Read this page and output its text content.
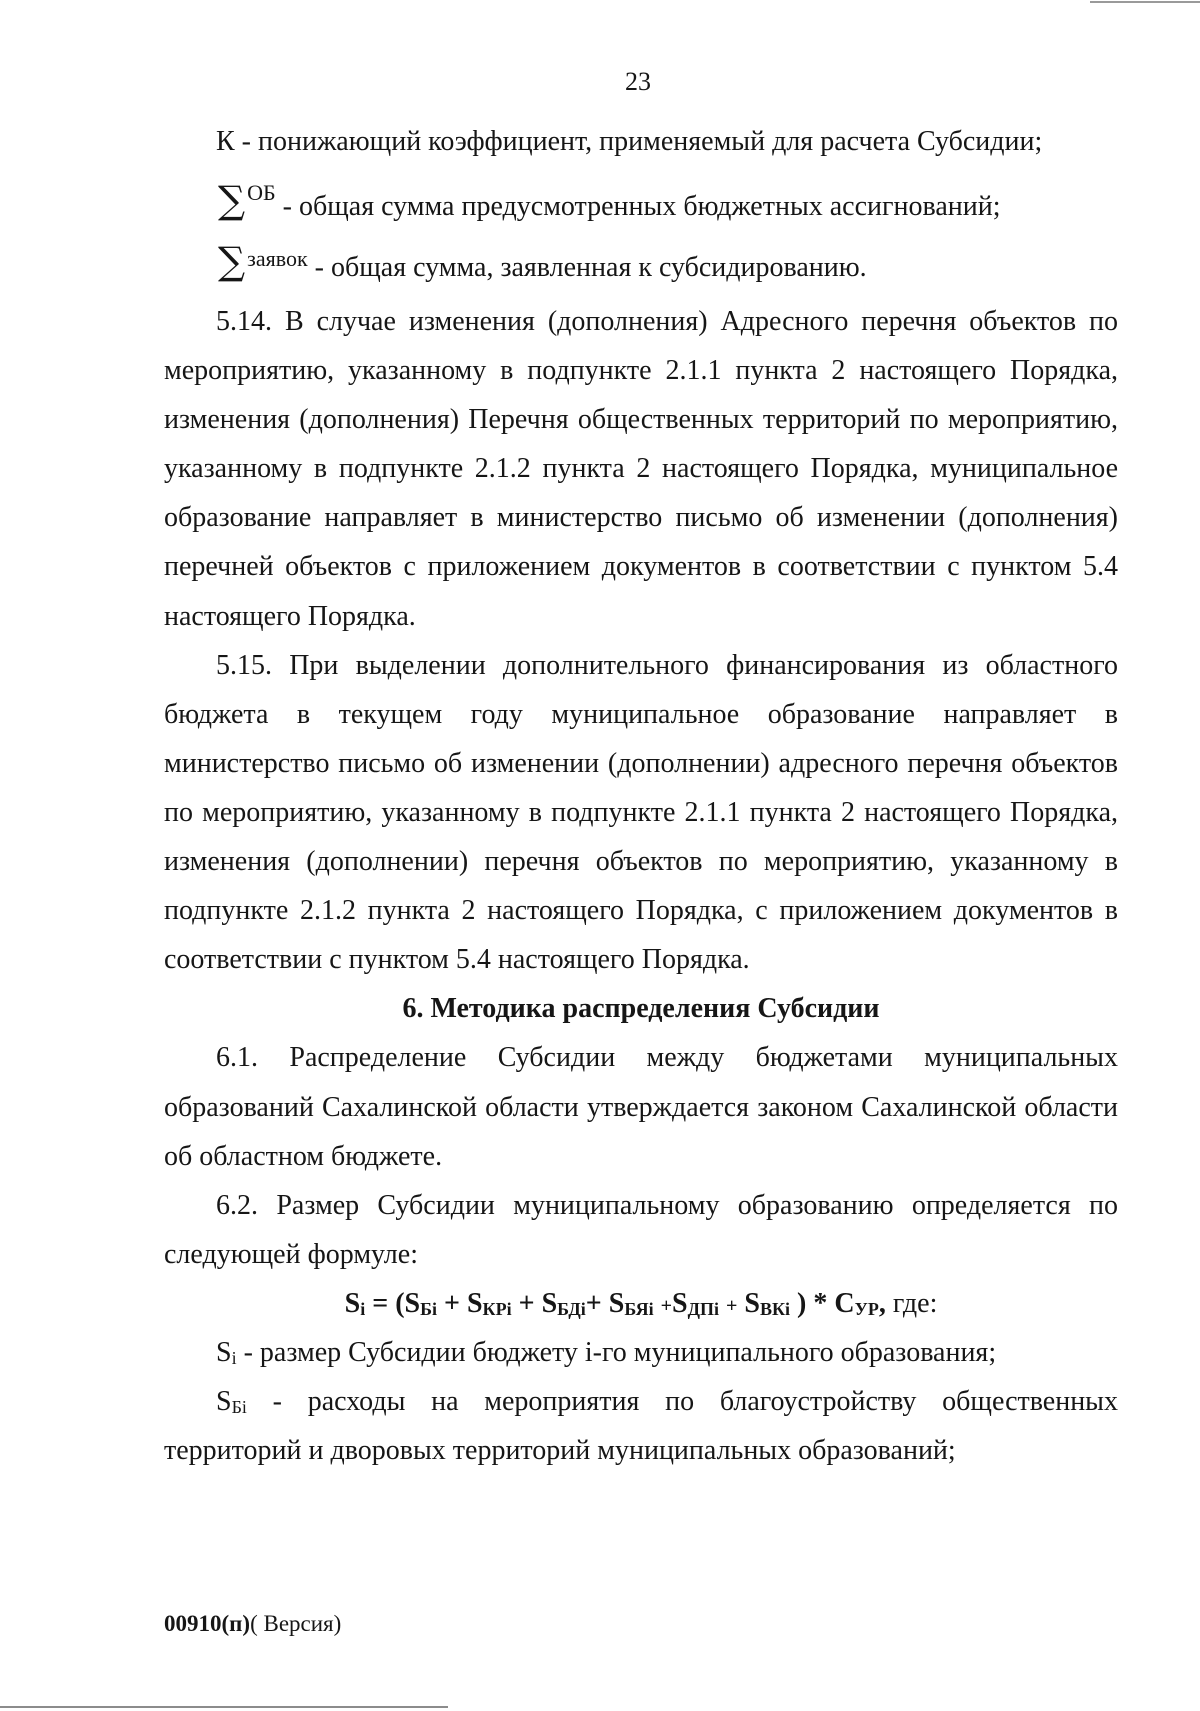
23
К - понижающий коэффициент, применяемый для расчета Субсидии;
∑$^{ОБ}$ - общая сумма предусмотренных бюджетных ассигнований;
∑$^{заявок}$ - общая сумма, заявленная к субсидированию.
5.14. В случае изменения (дополнения) Адресного перечня объектов по
мероприятию, указанному в подпункте 2.1.1 пункта 2 настоящего Порядка,
изменения (дополнения) Перечня общественных территорий по мероприятию,
указанному в подпункте 2.1.2 пункта 2 настоящего Порядка, муниципальное
образование направляет в министерство письмо об изменении (дополнения)
перечней объектов с приложением документов в соответствии с пунктом 5.4
настоящего Порядка.
5.15. При выделении дополнительного финансирования из областного
бюджета в текущем году муниципальное образование направляет в
министерство письмо об изменении (дополнении) адресного перечня объектов
по мероприятию, указанному в подпункте 2.1.1 пункта 2 настоящего Порядка,
изменения (дополнении) перечня объектов по мероприятию, указанному в
подпункте 2.1.2 пункта 2 настоящего Порядка, с приложением документов в
соответствии с пунктом 5.4 настоящего Порядка.
6. Методика распределения Субсидии
6.1. Распределение Субсидии между бюджетами муниципальных
образований Сахалинской области утверждается законом Сахалинской области
об областном бюджете.
6.2. Размер Субсидии муниципальному образованию определяется по
следующей формуле:
Si = (SБi + SКРi + SБДi+ SБЯi +SДПi + SВКi ) * СУР, где:
Si - размер Субсидии бюджету i-го муниципального образования;
SБi - расходы на мероприятия по благоустройству общественных
территорий и дворовых территорий муниципальных образований;
00910(п)( Версия)
